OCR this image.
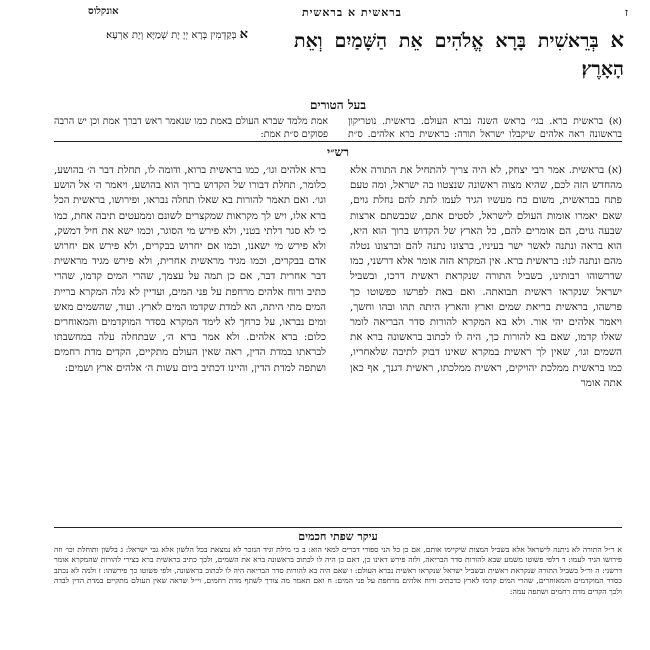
ז
בראשית א בראשית
אונקלוס
א בְּרֵאשִׁית בָּרָא אֱלֹהִים אֵת הַשָּׁמַיִם וְאֵת הָאָרֶץ׃
א בְּקַדְמִין בְּרָא יְיָ יָת שְׁמַיָּא וְיָת אַרְעָא׃
בעל הטורים
(א) בראשית ברא. בגי׳ בראש השנה נברא העולם. בראשית. נוטריקון בראשונה ראה אלהים שיקבלו ישראל תורה: בראשית ברא אלהים. ס״ת אמת מלמד שברא העולם באמת כמו שנאמר ראש דברך אמת וכן יש הרבה פסוקים ס״ת אמת:
רש״י
(א) בראשית. אמר רבי יצחק, לא היה צריך להתחיל את התורה אלא מהחדש הזה לכם, שהיא מצוה ראשונה שנצטוו בה ישראל, ומה טעם פתח בבראשית, משום כח מעשיו הגיד לעמו לתת להם נחלת גוים, שאם יאמרו אומות העולם לישראל, לסטים אתם, שכבשתם ארצות שבעה גוים, הם אומרים להם, כל הארץ של הקדוש ברוך הוא היא, הוא בראה ונתנה לאשר ישר בעיניו, ברצונו נתנה להם וברצונו נטלה מהם ונתנה לנו: בראשית ברא. אין המקרא הזה אומר אלא דרשני, כמו שדרשוהו רבותינו, בשביל התורה שנקראת ראשית דרכו, ובשביל ישראל שנקראו ראשית תבואתה. ואם באת לפרשו כפשוטו כך פרשהו, בראשית בריאת שמים וארץ והארץ היתה תהו ובהו וחשך, ויאמר אלהים יהי אור. ולא בא המקרא להורות סדר הבריאה לומר שאלו קדמו, שאם בא להורות כך, היה לו לכתוב בראשונה ברא את השמים וגו׳, שאין לך ראשית במקרא שאינו דבוק לתיבה שלאחריו, כמו בראשית ממלכת יהויקים, ראשית ממלכתו, ראשית דגנך, אף כאן אתה אומר
ברא אלהים וגו׳, כמו בראשית ברוא, ודומה לו, תחלת דבר ה׳ בהושע, כלומר, תחלת דבורו של הקדוש ברוך הוא בהושע, ויאמר ה׳ אל הושע וגו׳. ואם תאמר להורות בא שאלו תחלה נבראו, ופירושו, בראשית הכל ברא אלו, ויש לך מקראות שמקצרים לשונם וממעטים תיבה אחת, כמו כי לא סגר דלתי בטני, ולא פירש מי הסוגר, וכמו ישא את חיל דמשק, ולא פירש מי ישאנו, וכמו אם יחרוש בבקרים, ולא פירש אם יחרוש אדם בבקרים, וכמו מגיד מראשית אחרית, ולא פירש מגיד מראשית דבר אחרית דבר, אם כן תמה על עצמך, שהרי המים קדמו, שהרי כתיב ורוח אלהים מרחפת על פני המים, ועדיין לא גלה המקרא בריית המים מתי היתה, הא למדת שקדמו המים לארץ. ועוד, שהשמים מאש ומים נבראו, על כרחך לא לימד המקרא בסדר המוקדמים והמאוחרים כלום: ברא אלהים. ולא אמר ברא ה׳, שבתחלה עלה במחשבתו לבראתו במדת הדין, ראה שאין העולם מתקיים, הקדים מדת רחמים ושתפה למדת הדין, והיינו דכתיב ביום עשות ה׳ אלהים ארץ ושמים:
עיקר שפתי חכמים
א ר״ל התורה לא ניתנה לישראל אלא בשביל המצות שיקיימו אותם, אם כן כל הני ספורי דברים למאי הוא: ב כי מילת וגיד הנזכר לא נמצאת בכל הלשון אלא גבי ישראל: ג בלשון ותוחלת וכו׳ וזה פירושו הגיד לעמו: ד דלפי פשוטו משמע שבא להורות סדר הבריאה, ולזה פירש דאינו כן, דאם כן היה לו לכתוב בראשונה ברא את השמים, ולכך כתיב בראשית ברא בצירי להורות שהמקרא אומר דרשני: ה ור״ל בשביל התורה שנקראת ראשית ובשביל ישראל שנקראו ראשית נברא העולם: ו שאם היה בא להורות סדר הבריאה היה לו לכתוב בראשונה, ולפי פשוטו כך פירשהו: ז ולמה לא נכתב כסדר המוקדמים והמאוחרים, שהרי המים קדמו לארץ כדכתיב ורוח אלהים מרחפת על פני המים: ח ואם תאמר מה צורך לשתף מדת רחמים, וי״ל שראה שאין העולם מתקיים במדת הדין לבדה ולכך הקדים מדת רחמים ושתפה עמה:
